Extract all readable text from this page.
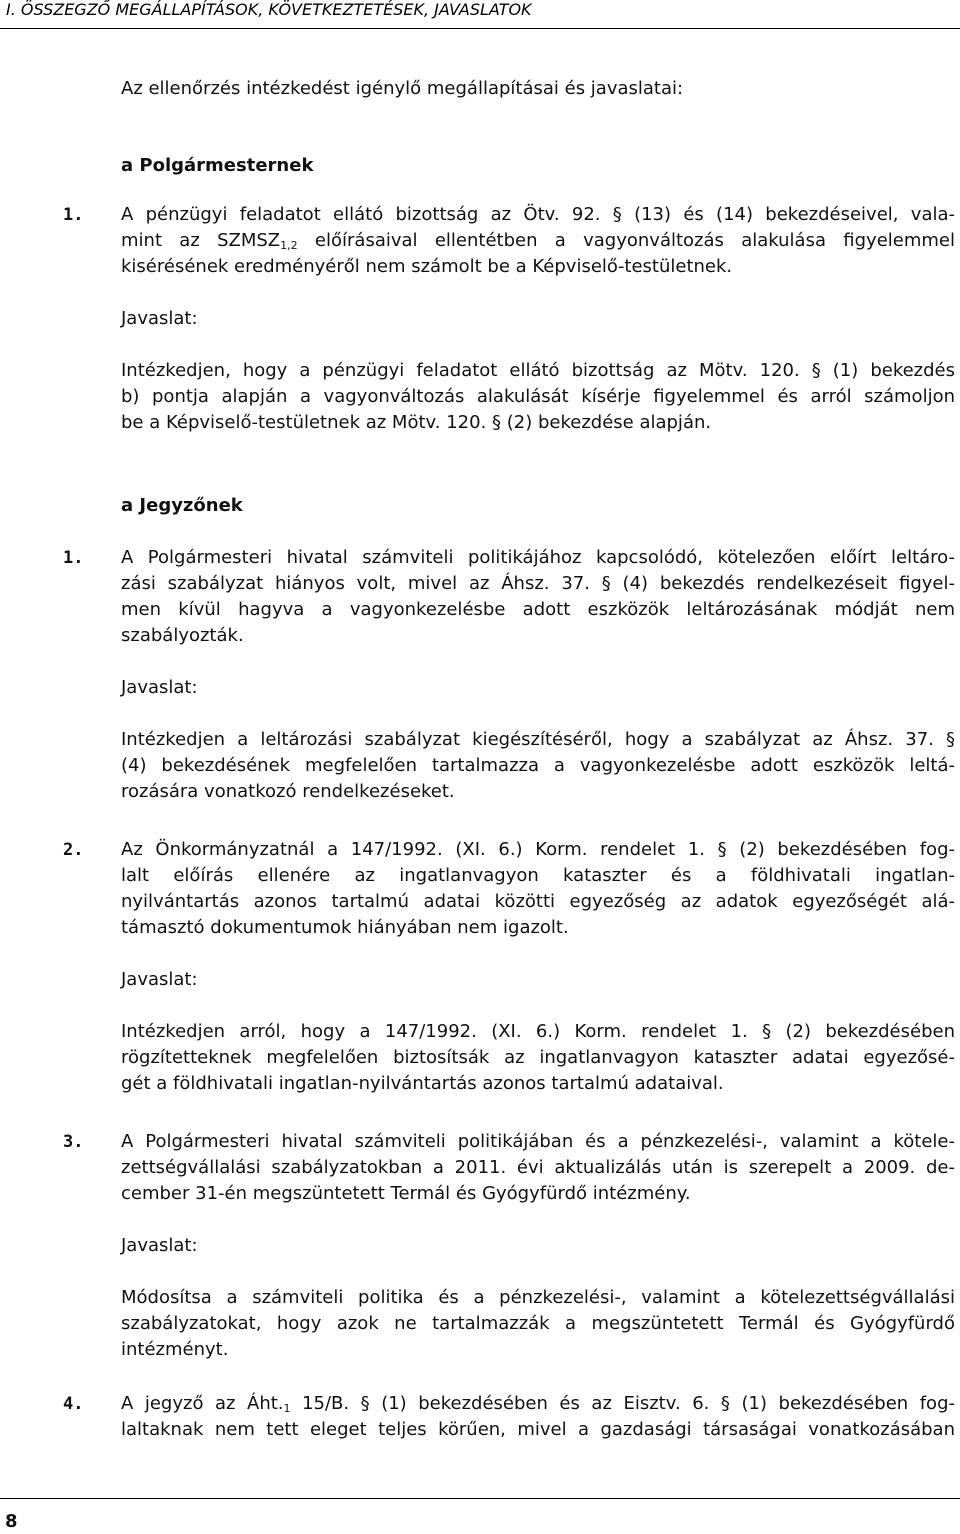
I. ÖSSZEGZŐ MEGÁLLAPÍTÁSOK, KÖVETKEZTETÉSEK, JAVASLATOK
Az ellenőrzés intézkedést igénylő megállapításai és javaslatai:
a Polgármesternek
1. A pénzügyi feladatot ellátó bizottság az Ötv. 92. § (13) és (14) bekezdéseivel, vala-
mint az $SZMSZ_{1,2}$ előírásaival ellentétben a vagyonváltozás alakulása figyelemmel
kisérésének eredményéről nem számolt be a Képviselő-testületnek.
Javaslat:
Intézkedjen, hogy a pénzügyi feladatot ellátó bizottság az Mötv. 120. § (1) bekezdés
b) pontja alapján a vagyonváltozás alakulását kísérje figyelemmel és arról számoljon
be a Képviselő-testületnek az Mötv. 120. § (2) bekezdése alapján.
a Jegyzőnek
1. A Polgármesteri hivatal számviteli politikájához kapcsolódó, kötelezően előírt leltáro-
zási szabályzat hiányos volt, mivel az Áhsz. 37. § (4) bekezdés rendelkezéseit figyel-
men kívül hagyva a vagyonkezelésbe adott eszközök leltározásának módját nem
szabályozták.
Javaslat:
Intézkedjen a leltározási szabályzat kiegészítéséről, hogy a szabályzat az Áhsz. 37. §
(4) bekezdésének megfelelően tartalmazza a vagyonkezelésbe adott eszközök leltá-
rozására vonatkozó rendelkezéseket.
2. Az Önkormányzatnál a 147/1992. (XI. 6.) Korm. rendelet 1. § (2) bekezdésében fog-
lalt előírás ellenére az ingatlanvagyon kataszter és a földhivatali ingatlan-
nyilvántartás azonos tartalmú adatai közötti egyezőség az adatok egyezőségét alá-
támasztó dokumentumok hiányában nem igazolt.
Javaslat:
Intézkedjen arról, hogy a 147/1992. (XI. 6.) Korm. rendelet 1. § (2) bekezdésében
rögzítetteknek megfelelően biztosítsák az ingatlanvagyon kataszter adatai egyezősé-
gét a földhivatali ingatlan-nyilvántartás azonos tartalmú adataival.
3. A Polgármesteri hivatal számviteli politikájában és a pénzkezelési-, valamint a kötele-
zettségvállalási szabályzatokban a 2011. évi aktualizálás után is szerepelt a 2009. de-
cember 31-én megszüntetett Termál és Gyógyfürdő intézmény.
Javaslat:
Módosítsa a számviteli politika és a pénzkezelési-, valamint a kötelezettségvállalási
szabályzatokat, hogy azok ne tartalmazzák a megszüntetett Termál és Gyógyfürdő
intézményt.
4. A jegyző az $Áht._1$ 15/B. § (1) bekezdésében és az Eisztv. 6. § (1) bekezdésében fog-
laltaknak nem tett eleget teljes körűen, mivel a gazdasági társaságai vonatkozásában
8
